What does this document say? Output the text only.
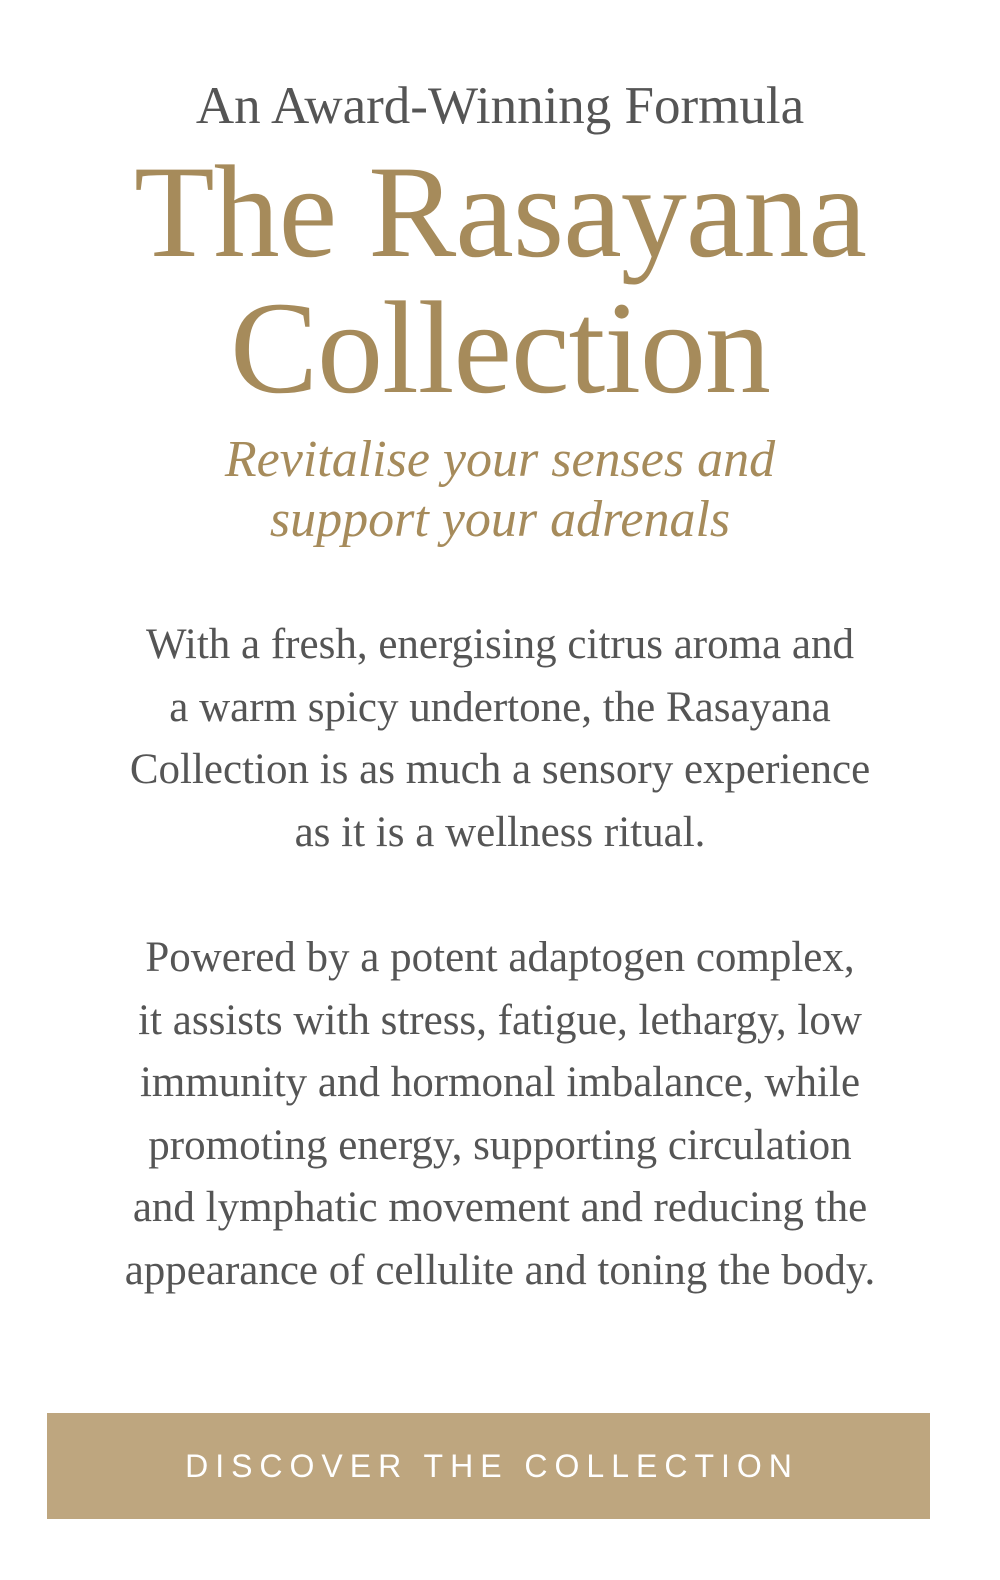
An Award-Winning Formula
The Rasayana
Collection

Revitalise your senses and
support your adrenals

With a fresh, energising citrus aroma and
a warm spicy undertone, the Rasayana
Collection is as much a sensory experience
as it is a wellness ritual.

Powered by a potent adaptogen complex,
it assists with stress, fatigue, lethargy, low
immunity and hormonal imbalance, while
promoting energy, supporting circulation
and lymphatic movement and reducing the
appearance of cellulite and toning the body.

DISCOVER THE COLLECTION
